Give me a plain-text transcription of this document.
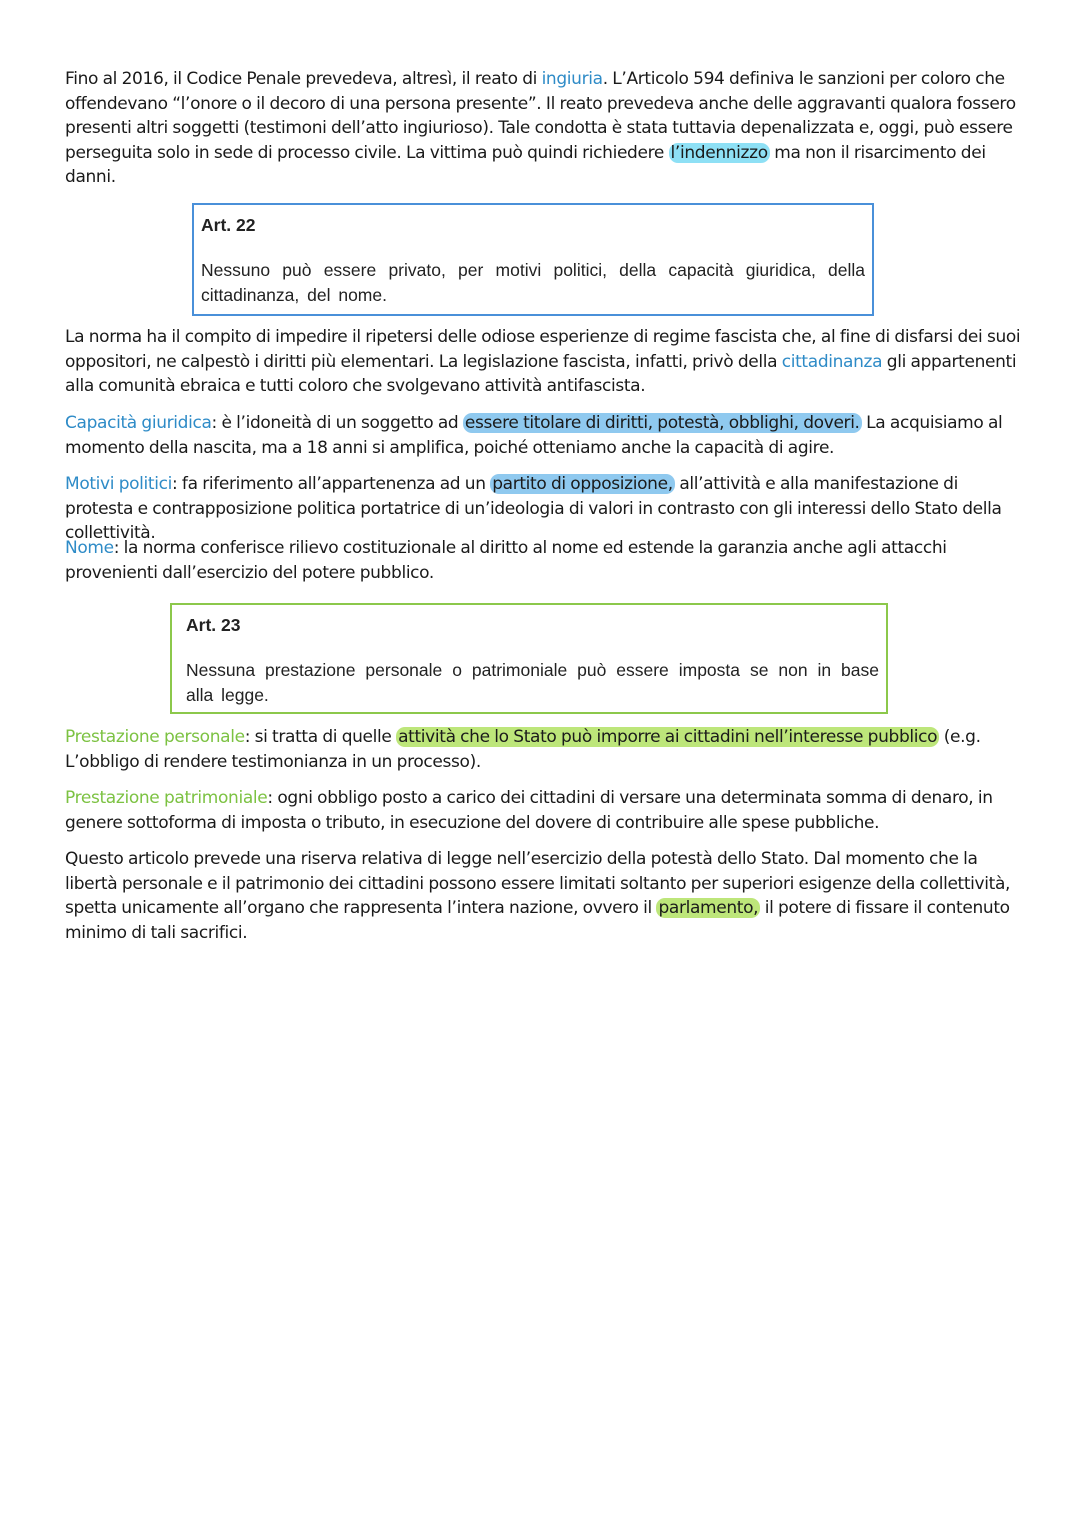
Fino al 2016, il Codice Penale prevedeva, altresì, il reato di ingiuria. L’Articolo 594 definiva le sanzioni per coloro che offendevano “l’onore o il decoro di una persona presente”. Il reato prevedeva anche delle aggravanti qualora fossero presenti altri soggetti (testimoni dell’atto ingiurioso). Tale condotta è stata tuttavia depenalizzata e, oggi, può essere perseguita solo in sede di processo civile. La vittima può quindi richiedere l’indennizzo ma non il risarcimento dei danni.

Art. 22

Nessuno può essere privato, per motivi politici, della capacità giuridica, della cittadinanza, del nome.

La norma ha il compito di impedire il ripetersi delle odiose esperienze di regime fascista che, al fine di disfarsi dei suoi oppositori, ne calpestò i diritti più elementari. La legislazione fascista, infatti, privò della cittadinanza gli appartenenti alla comunità ebraica e tutti coloro che svolgevano attività antifascista.

Capacità giuridica: è l’idoneità di un soggetto ad essere titolare di diritti, potestà, obblighi, doveri. La acquisiamo al momento della nascita, ma a 18 anni si amplifica, poiché otteniamo anche la capacità di agire.

Motivi politici: fa riferimento all’appartenenza ad un partito di opposizione, all’attività e alla manifestazione di protesta e contrapposizione politica portatrice di un’ideologia di valori in contrasto con gli interessi dello Stato della collettività.

Nome: la norma conferisce rilievo costituzionale al diritto al nome ed estende la garanzia anche agli attacchi provenienti dall’esercizio del potere pubblico.

Art. 23

Nessuna prestazione personale o patrimoniale può essere imposta se non in base alla legge.

Prestazione personale: si tratta di quelle attività che lo Stato può imporre ai cittadini nell’interesse pubblico (e.g. L’obbligo di rendere testimonianza in un processo).

Prestazione patrimoniale: ogni obbligo posto a carico dei cittadini di versare una determinata somma di denaro, in genere sottoforma di imposta o tributo, in esecuzione del dovere di contribuire alle spese pubbliche.

Questo articolo prevede una riserva relativa di legge nell’esercizio della potestà dello Stato. Dal momento che la libertà personale e il patrimonio dei cittadini possono essere limitati soltanto per superiori esigenze della collettività, spetta unicamente all’organo che rappresenta l’intera nazione, ovvero il parlamento, il potere di fissare il contenuto minimo di tali sacrifici.
